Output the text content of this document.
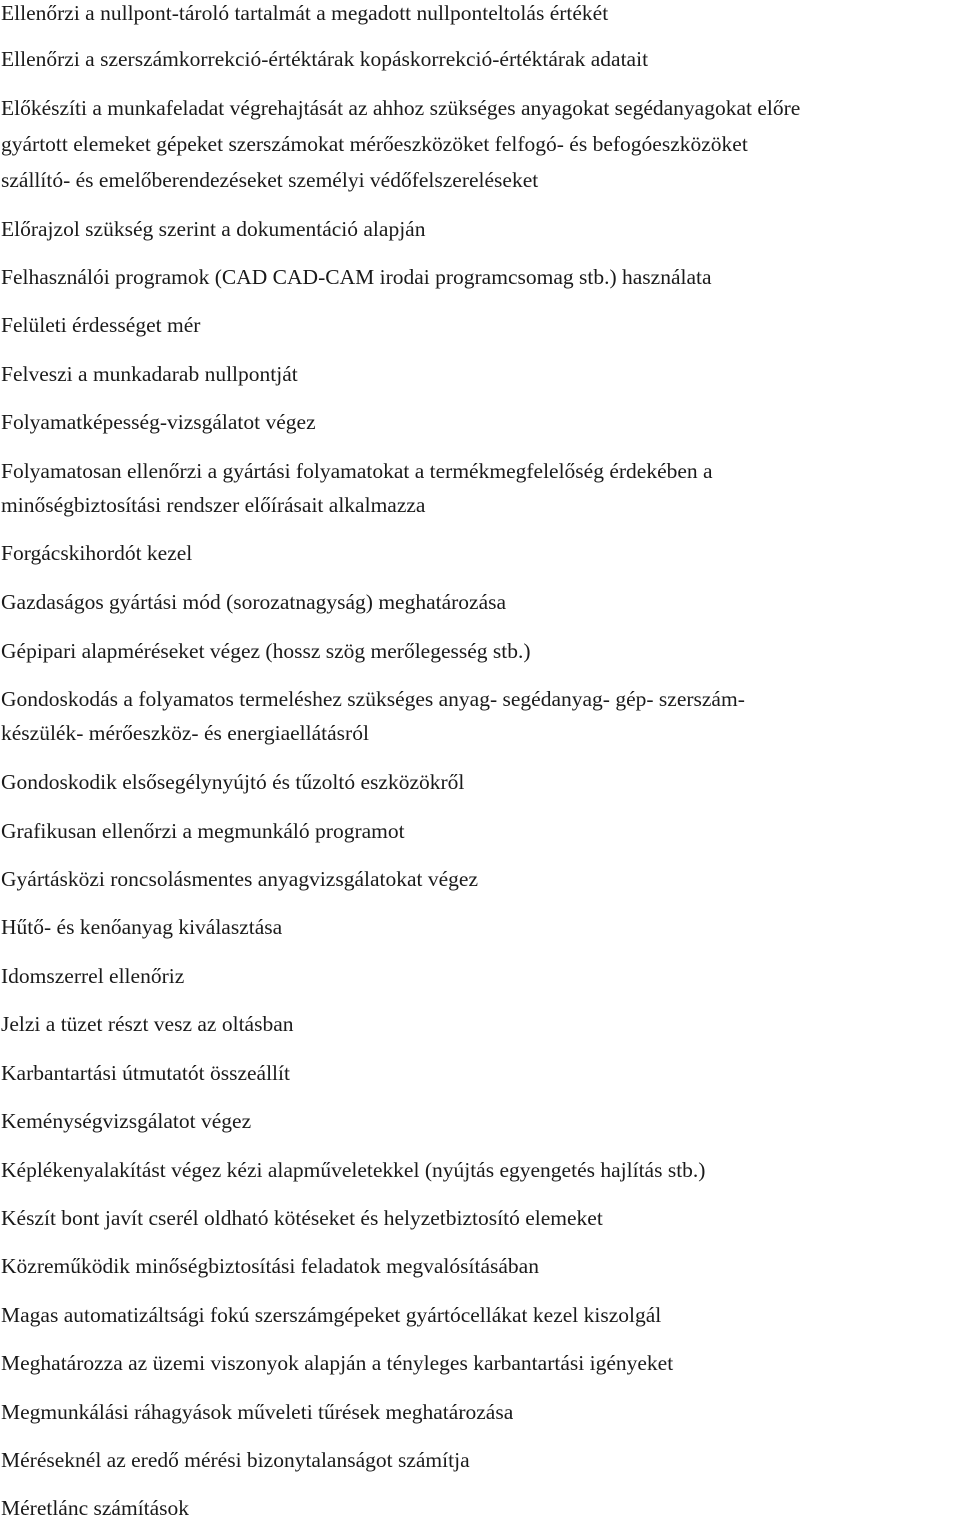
Ellenőrzi a nullpont-tároló tartalmát a megadott nullponteltolás értékét
Ellenőrzi a szerszámkorrekció-értéktárak kopáskorrekció-értéktárak adatait
Előkészíti a munkafeladat végrehajtását az ahhoz szükséges anyagokat segédanyagokat előre
gyártott elemeket gépeket szerszámokat mérőeszközöket felfogó- és befogóeszközöket
szállító- és emelőberendezéseket személyi védőfelszereléseket
Előrajzol szükség szerint a dokumentáció alapján
Felhasználói programok (CAD CAD-CAM irodai programcsomag stb.) használata
Felületi érdességet mér
Felveszi a munkadarab nullpontját
Folyamatképesség-vizsgálatot végez
Folyamatosan ellenőrzi a gyártási folyamatokat a termékmegfelelőség érdekében a
minőségbiztosítási rendszer előírásait alkalmazza
Forgácskihordót kezel
Gazdaságos gyártási mód (sorozatnagyság) meghatározása
Gépipari alapméréseket végez (hossz szög merőlegesség stb.)
Gondoskodás a folyamatos termeléshez szükséges anyag- segédanyag- gép- szerszám-
készülék- mérőeszköz- és energiaellátásról
Gondoskodik elsősegélynyújtó és tűzoltó eszközökről
Grafikusan ellenőrzi a megmunkáló programot
Gyártásközi roncsolásmentes anyagvizsgálatokat végez
Hűtő- és kenőanyag kiválasztása
Idomszerrel ellenőriz
Jelzi a tüzet részt vesz az oltásban
Karbantartási útmutatót összeállít
Keménységvizsgálatot végez
Képlékenyalakítást végez kézi alapműveletekkel (nyújtás egyengetés hajlítás stb.)
Készít bont javít cserél oldható kötéseket és helyzetbiztosító elemeket
Közreműködik minőségbiztosítási feladatok megvalósításában
Magas automatizáltsági fokú szerszámgépeket gyártócellákat kezel kiszolgál
Meghatározza az üzemi viszonyok alapján a tényleges karbantartási igényeket
Megmunkálási ráhagyások műveleti tűrések meghatározása
Méréseknél az eredő mérési bizonytalanságot számítja
Méretlánc számítások
